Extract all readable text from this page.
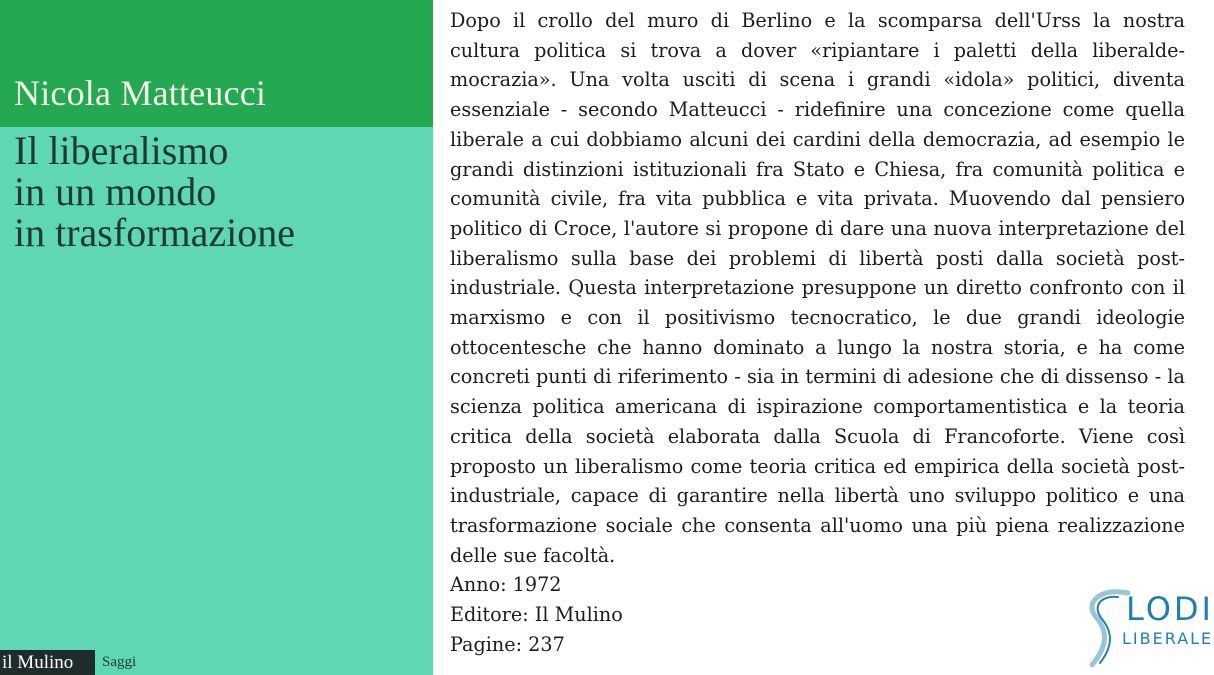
Nicola Matteucci
Il liberalismo
in un mondo
in trasformazione
il Mulino	Saggi
Dopo il crollo del muro di Berlino e la scomparsa dell'Urss la nostra cultura politica si trova a dover «ripiantare i paletti della liberaldemocrazia». Una volta usciti di scena i grandi «idola» politici, diventa essenziale - secondo Matteucci - ridefinire una concezione come quella liberale a cui dobbiamo alcuni dei cardini della democrazia, ad esempio le grandi distinzioni istituzionali fra Stato e Chiesa, fra comunità politica e comunità civile, fra vita pubblica e vita privata. Muovendo dal pensiero politico di Croce, l'autore si propone di dare una nuova interpretazione del liberalismo sulla base dei problemi di libertà posti dalla società post-industriale. Questa interpretazione presuppone un diretto confronto con il marxismo e con il positivismo tecnocratico, le due grandi ideologie ottocentesche che hanno dominato a lungo la nostra storia, e ha come concreti punti di riferimento - sia in termini di adesione che di dissenso - la scienza politica americana di ispirazione comportamentistica e la teoria critica della società elaborata dalla Scuola di Francoforte. Viene così proposto un liberalismo come teoria critica ed empirica della società post-industriale, capace di garantire nella libertà uno sviluppo politico e una trasformazione sociale che consenta all'uomo una più piena realizzazione delle sue facoltà.
Anno: 1972
Editore: Il Mulino
Pagine: 237
LODI
LIBERALE
